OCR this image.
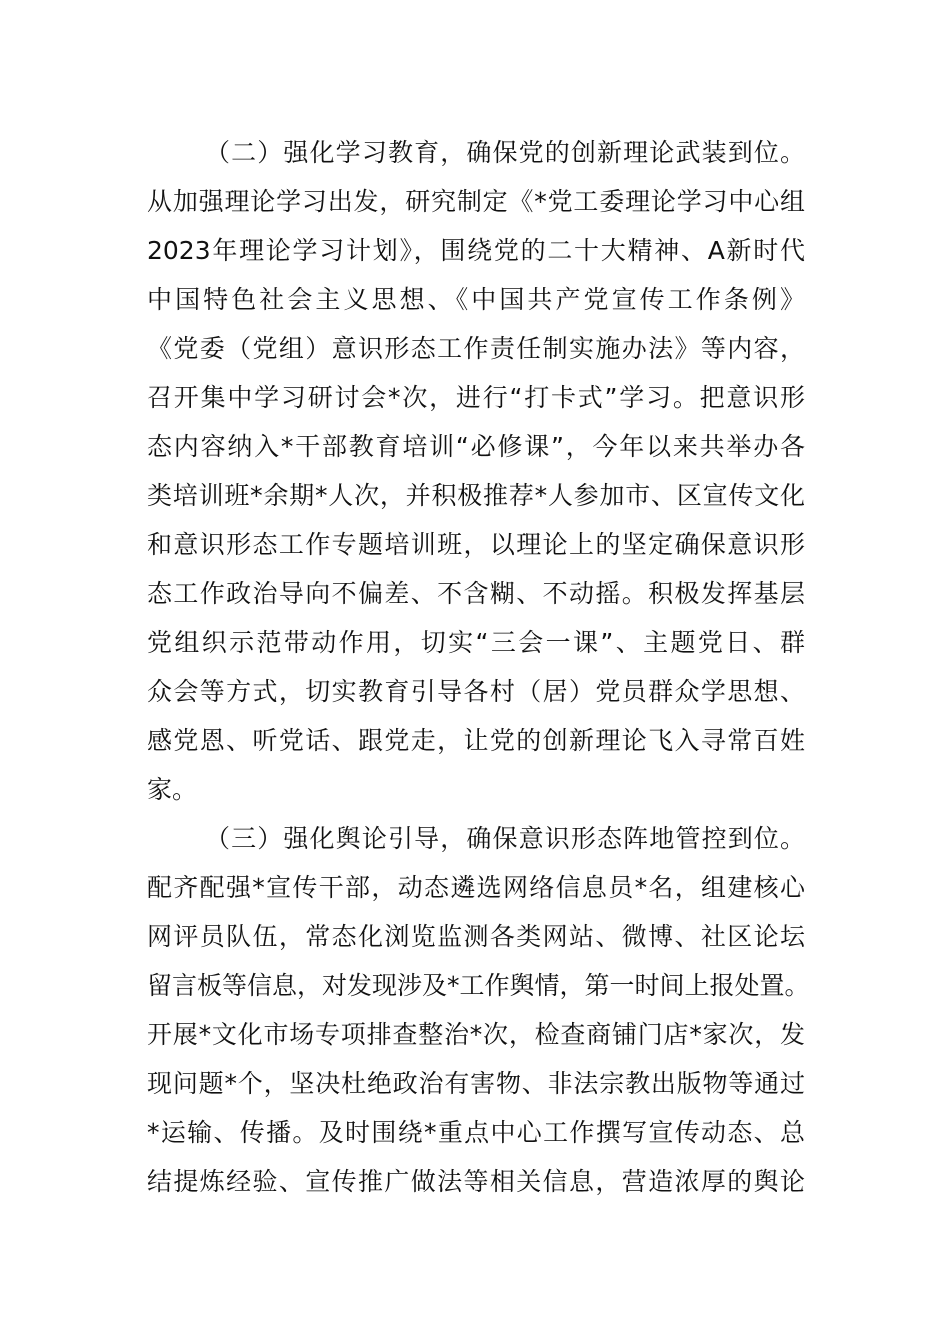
（二）强化学习教育，确保党的创新理论武装到位。
从加强理论学习出发，研究制定《*党工委理论学习中心组
2023年理论学习计划》，围绕党的二十大精神、A新时代
中国特色社会主义思想、《中国共产党宣传工作条例》
《党委（党组）意识形态工作责任制实施办法》等内容，
召开集中学习研讨会*次，进行“打卡式”学习。把意识形
态内容纳入*干部教育培训“必修课”，今年以来共举办各
类培训班*余期*人次，并积极推荐*人参加市、区宣传文化
和意识形态工作专题培训班，以理论上的坚定确保意识形
态工作政治导向不偏差、不含糊、不动摇。积极发挥基层
党组织示范带动作用，切实“三会一课”、主题党日、群
众会等方式，切实教育引导各村（居）党员群众学思想、
感党恩、听党话、跟党走，让党的创新理论飞入寻常百姓
家。
（三）强化舆论引导，确保意识形态阵地管控到位。
配齐配强*宣传干部，动态遴选网络信息员*名，组建核心
网评员队伍，常态化浏览监测各类网站、微博、社区论坛
留言板等信息，对发现涉及*工作舆情，第一时间上报处置。
开展*文化市场专项排查整治*次，检查商铺门店*家次，发
现问题*个，坚决杜绝政治有害物、非法宗教出版物等通过
*运输、传播。及时围绕*重点中心工作撰写宣传动态、总
结提炼经验、宣传推广做法等相关信息，营造浓厚的舆论
